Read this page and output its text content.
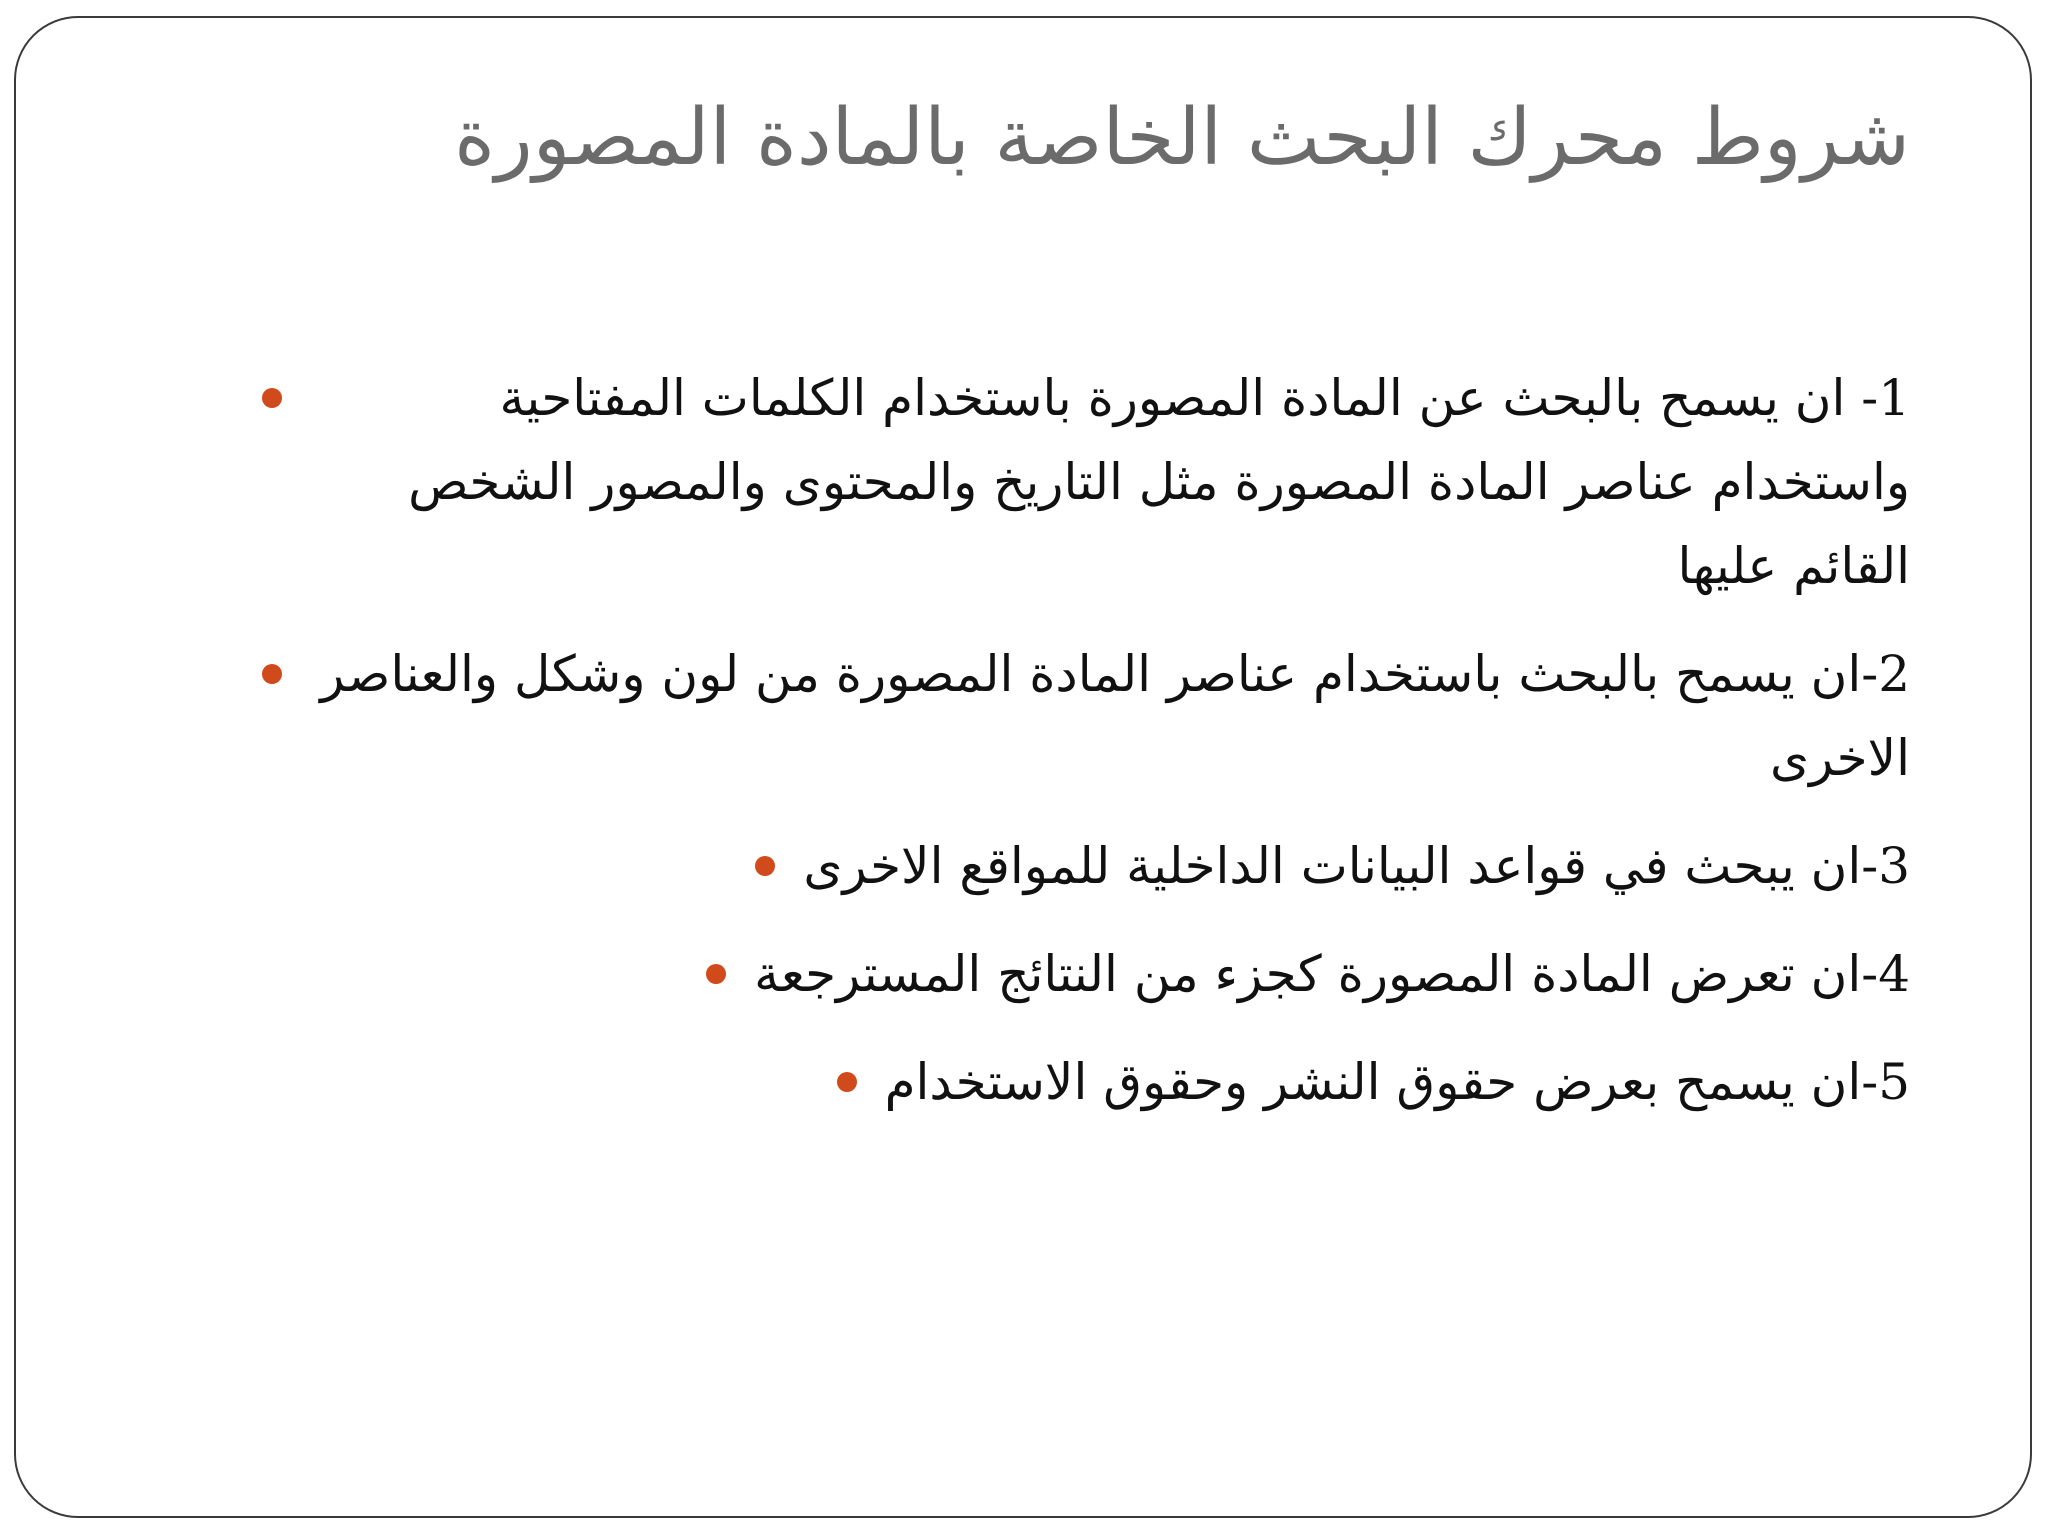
شروط محرك البحث الخاصة بالمادة المصورة
1- ان يسمح بالبحث عن المادة المصورة باستخدام الكلمات المفتاحية واستخدام عناصر المادة المصورة مثل التاريخ والمحتوى والمصور الشخص القائم عليها
2-ان يسمح بالبحث باستخدام عناصر المادة المصورة من لون وشكل والعناصر الاخرى
3-ان يبحث في قواعد البيانات الداخلية للمواقع الاخرى
4-ان تعرض المادة المصورة كجزء من النتائج المسترجعة
5-ان يسمح بعرض حقوق النشر وحقوق الاستخدام
